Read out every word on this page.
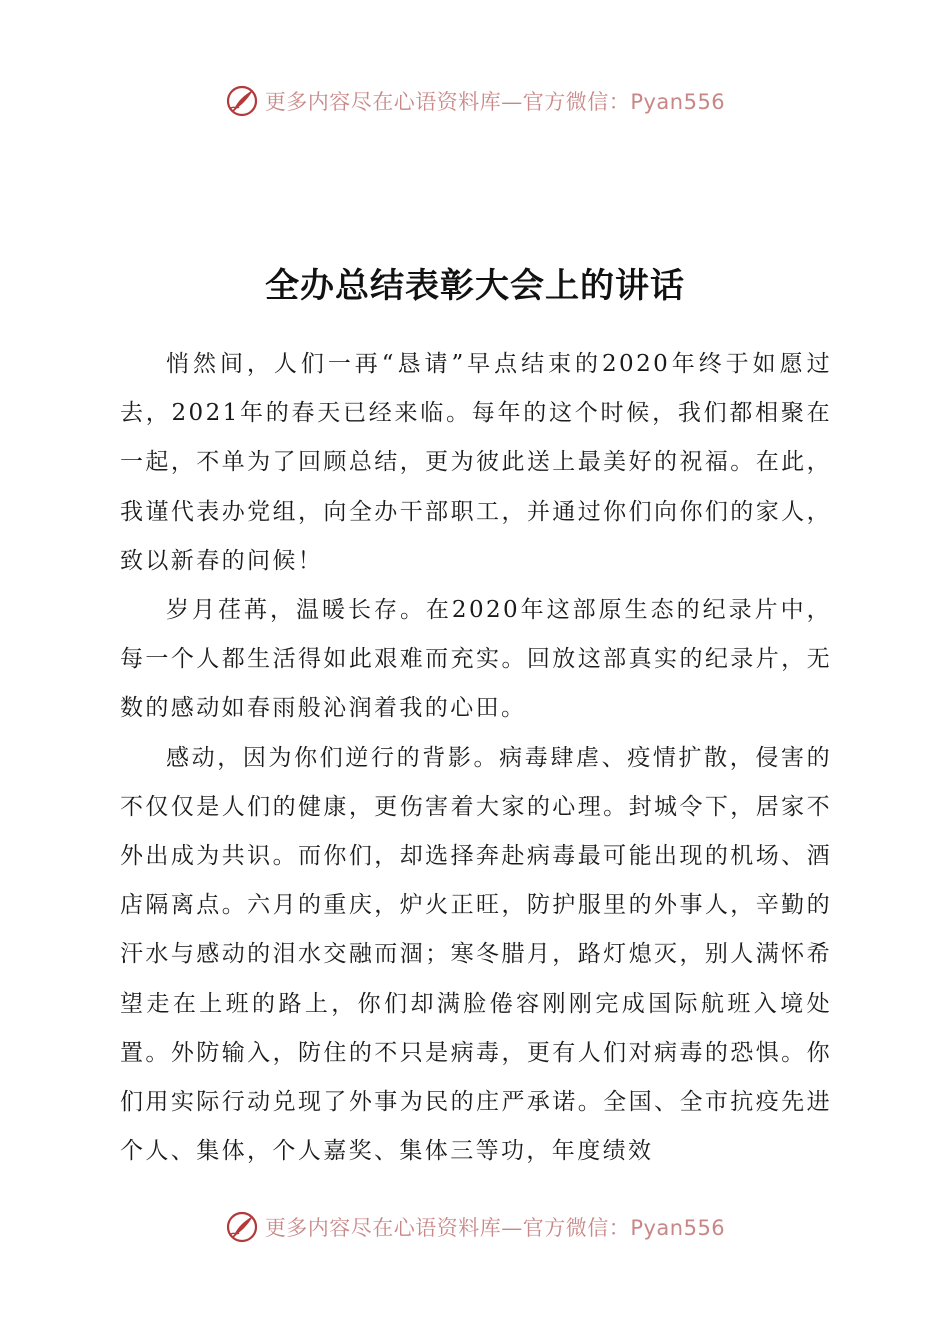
更多内容尽在心语资料库—官方微信：Pyan556
全办总结表彰大会上的讲话

悄然间，人们一再“恳请”早点结束的2020年终于如愿过去，2021年的春天已经来临。每年的这个时候，我们都相聚在一起，不单为了回顾总结，更为彼此送上最美好的祝福。在此，我谨代表办党组，向全办干部职工，并通过你们向你们的家人，致以新春的问候！

岁月荏苒，温暖长存。在2020年这部原生态的纪录片中，每一个人都生活得如此艰难而充实。回放这部真实的纪录片，无数的感动如春雨般沁润着我的心田。

感动，因为你们逆行的背影。病毒肆虐、疫情扩散，侵害的不仅仅是人们的健康，更伤害着大家的心理。封城令下，居家不外出成为共识。而你们，却选择奔赴病毒最可能出现的机场、酒店隔离点。六月的重庆，炉火正旺，防护服里的外事人，辛勤的汗水与感动的泪水交融而涸；寒冬腊月，路灯熄灭，别人满怀希望走在上班的路上，你们却满脸倦容刚刚完成国际航班入境处置。外防输入，防住的不只是病毒，更有人们对病毒的恐惧。你们用实际行动兑现了外事为民的庄严承诺。全国、全市抗疫先进个人、集体，个人嘉奖、集体三等功，年度绩效

更多内容尽在心语资料库—官方微信：Pyan556
